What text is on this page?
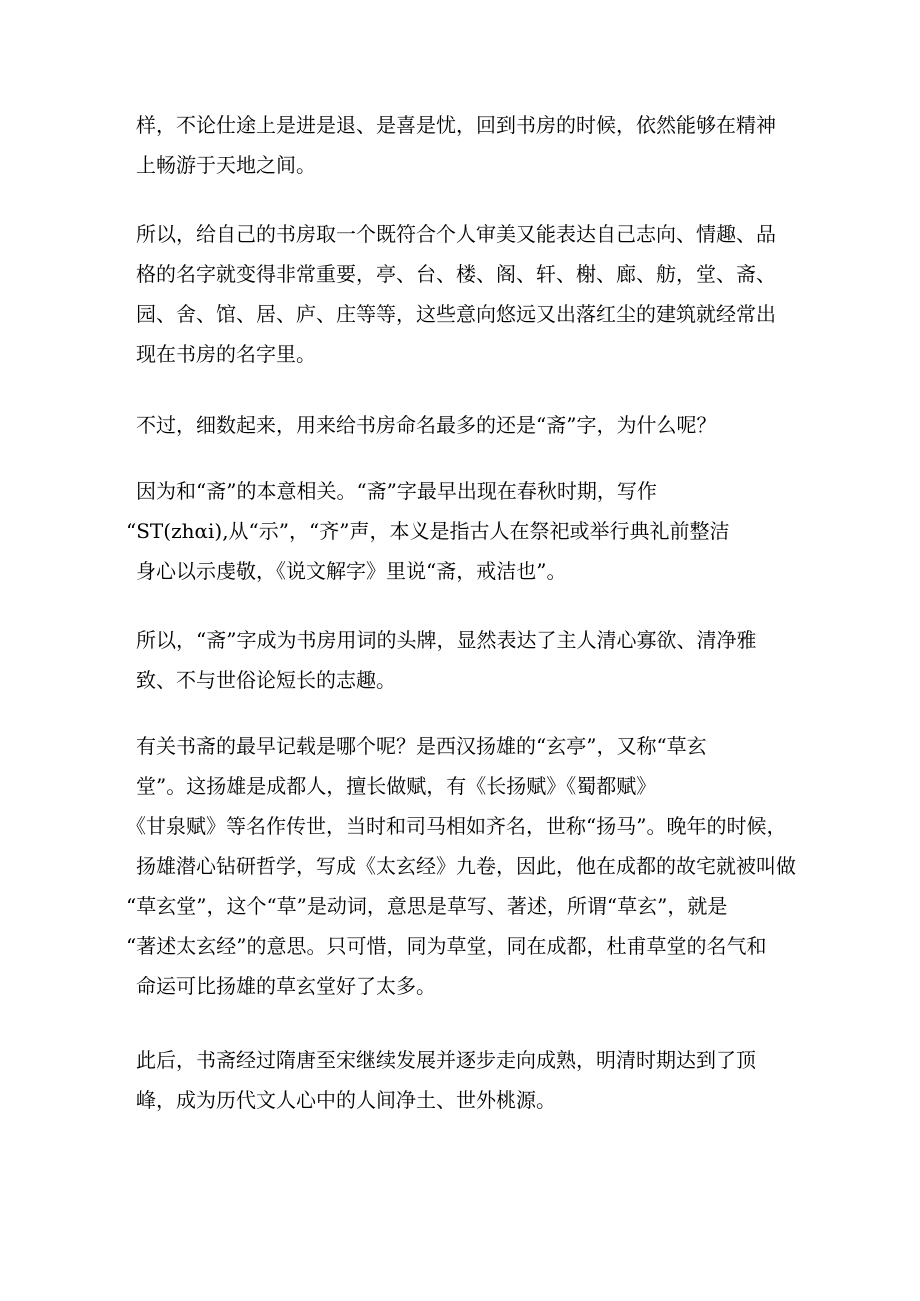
样，不论仕途上是进是退、是喜是忧，回到书房的时候，依然能够在精神
上畅游于天地之间。
所以，给自己的书房取一个既符合个人审美又能表达自己志向、情趣、品
格的名字就变得非常重要，亭、台、楼、阁、轩、榭、廊、舫，堂、斋、
园、舍、馆、居、庐、庄等等，这些意向悠远又出落红尘的建筑就经常出
现在书房的名字里。
不过，细数起来，用来给书房命名最多的还是“斋”字，为什么呢？
因为和“斋”的本意相关。“斋”字最早出现在春秋时期，写作
“ST(zhαi),从“示”，“齐”声，本义是指古人在祭祀或举行典礼前整洁
身心以示虔敬，《说文解字》里说“斋，戒洁也”。
所以，“斋”字成为书房用词的头牌，显然表达了主人清心寡欲、清净雅
致、不与世俗论短长的志趣。
有关书斋的最早记载是哪个呢？是西汉扬雄的“玄亭”，又称“草玄
堂”。这扬雄是成都人，擅长做赋，有《长扬赋》《蜀都赋》
《甘泉赋》等名作传世，当时和司马相如齐名，世称“扬马”。晚年的时候，
扬雄潜心钻研哲学，写成《太玄经》九卷，因此，他在成都的故宅就被叫做
“草玄堂”，这个“草”是动词，意思是草写、著述，所谓“草玄”，就是
“著述太玄经”的意思。只可惜，同为草堂，同在成都，杜甫草堂的名气和
命运可比扬雄的草玄堂好了太多。
此后，书斋经过隋唐至宋继续发展并逐步走向成熟，明清时期达到了顶
峰，成为历代文人心中的人间净土、世外桃源。
